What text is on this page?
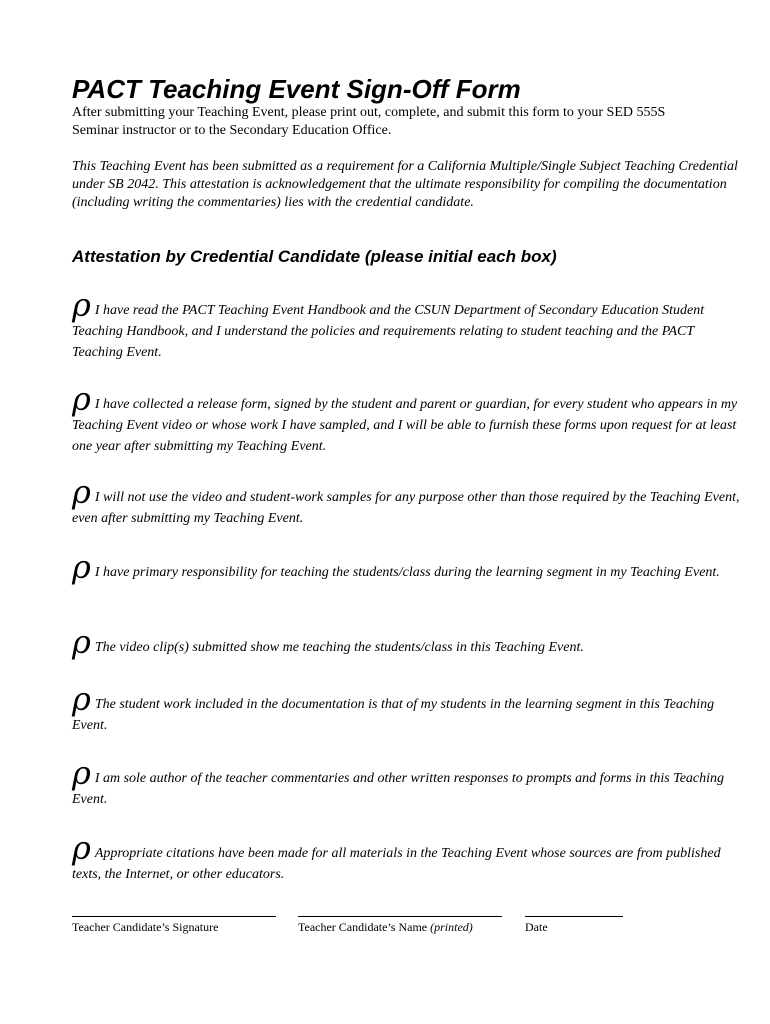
PACT Teaching Event Sign-Off Form

After submitting your Teaching Event, please print out, complete, and submit this form to your SED 555S Seminar instructor or to the Secondary Education Office.

This Teaching Event has been submitted as a requirement for a California Multiple/Single Subject Teaching Credential under SB 2042. This attestation is acknowledgement that the ultimate responsibility for compiling the documentation (including writing the commentaries) lies with the credential candidate.

Attestation by Credential Candidate (please initial each box)

ρ I have read the PACT Teaching Event Handbook and the CSUN Department of Secondary Education Student Teaching Handbook, and I understand the policies and requirements relating to student teaching and the PACT Teaching Event.

ρ I have collected a release form, signed by the student and parent or guardian, for every student who appears in my Teaching Event video or whose work I have sampled, and I will be able to furnish these forms upon request for at least one year after submitting my Teaching Event.

ρ I will not use the video and student-work samples for any purpose other than those required by the Teaching Event, even after submitting my Teaching Event.

ρ I have primary responsibility for teaching the students/class during the learning segment in my Teaching Event.

ρ The video clip(s) submitted show me teaching the students/class in this Teaching Event.

ρ The student work included in the documentation is that of my students in the learning segment in this Teaching Event.

ρ I am sole author of the teacher commentaries and other written responses to prompts and forms in this Teaching Event.

ρ Appropriate citations have been made for all materials in the Teaching Event whose sources are from published texts, the Internet, or other educators.

Teacher Candidate’s Signature	Teacher Candidate’s Name (printed)	Date
